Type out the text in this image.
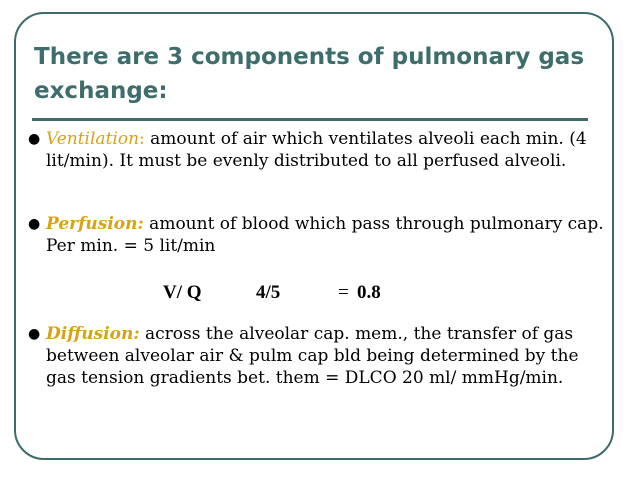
There are 3 components of pulmonary gas exchange:
● Ventilation: amount of air which ventilates alveoli each min. (4 lit/min). It must be evenly distributed to all perfused alveoli.
● Perfusion: amount of blood which pass through pulmonary cap. Per min. = 5 lit/min
V/ Q	4/5	= 0.8
● Diffusion: across the alveolar cap. mem., the transfer of gas between alveolar air & pulm cap bld being determined by the gas tension gradients bet. them = DLCO 20 ml/ mmHg/min.
